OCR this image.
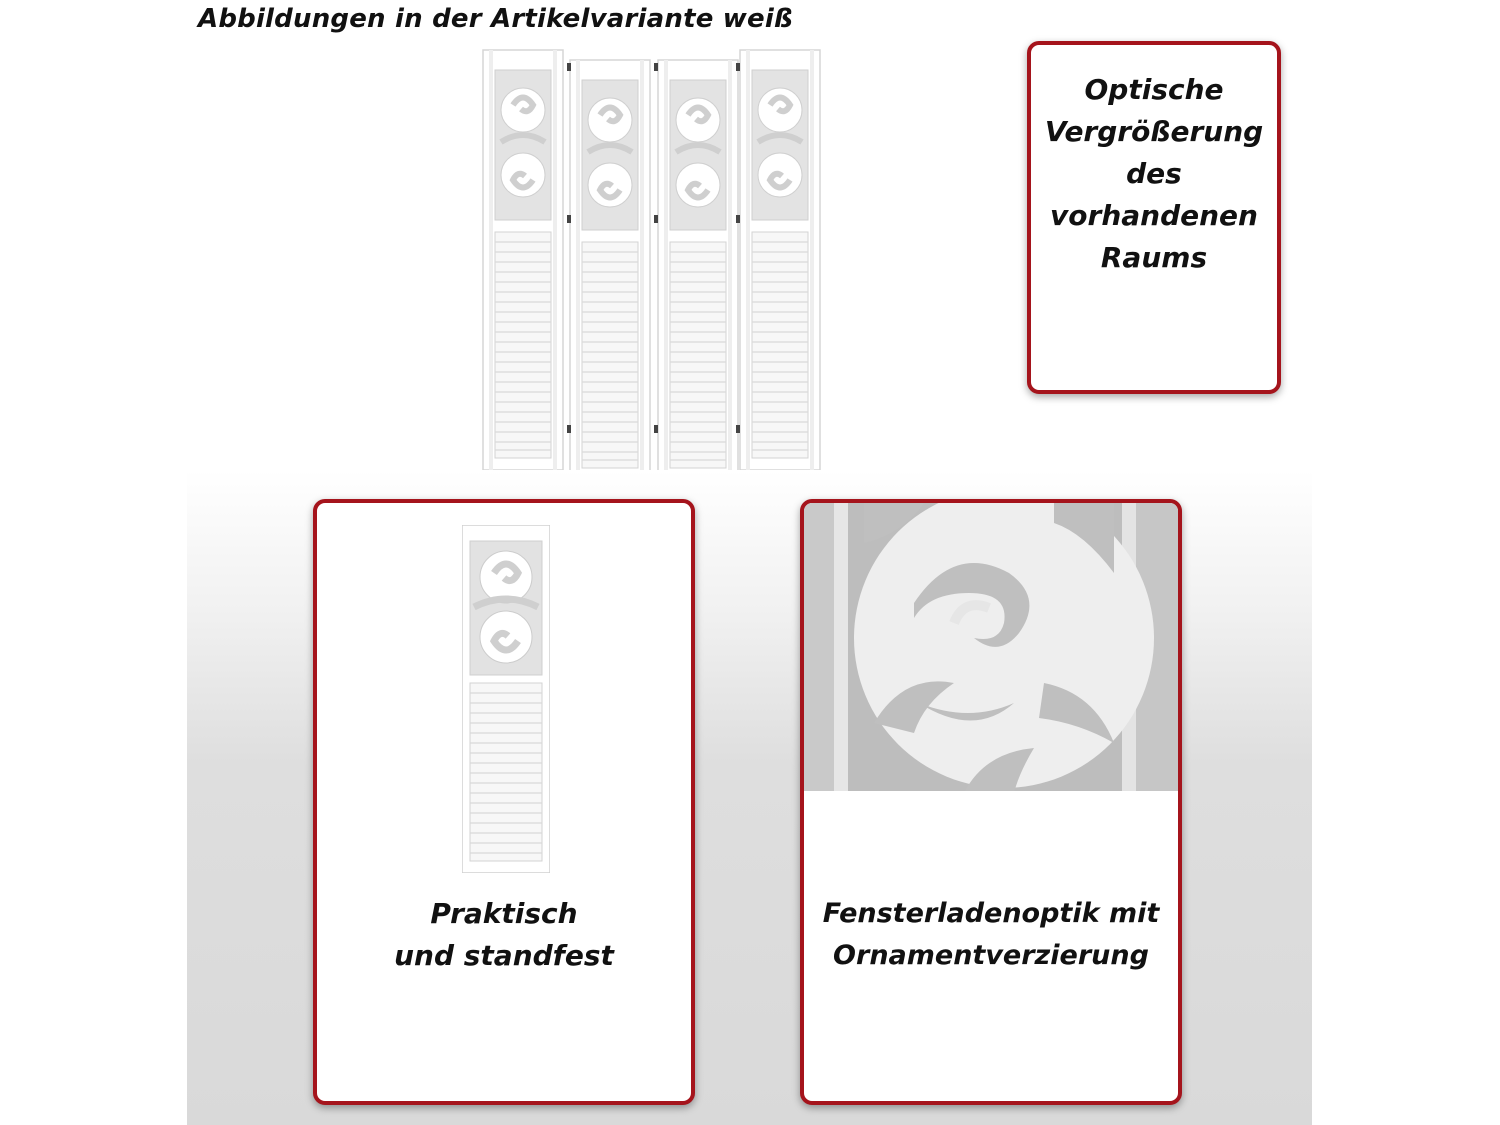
Abbildungen in der Artikelvariante weiß
Optische
Vergrößerung
des
vorhandenen
Raums
Praktisch
und standfest
Fensterladenoptik mit
Ornamentverzierung
